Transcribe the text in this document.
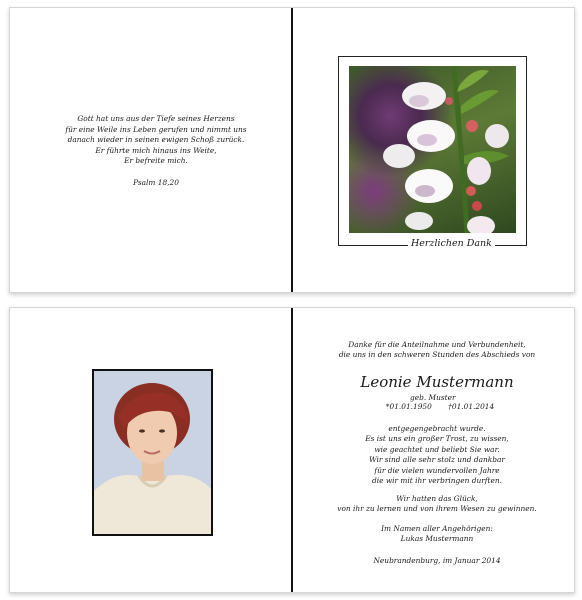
Gott hat uns aus der Tiefe seines Herzens
für eine Weile ins Leben gerufen und nimmt uns
danach wieder in seinen ewigen Schoß zurück.
Er führte mich hinaus ins Weite,
Er befreite mich.
Psalm 18,20
Herzlichen Dank
Danke für die Anteilnahme und Verbundenheit,
die uns in den schweren Stunden des Abschieds von
Leonie Mustermann
geb. Muster
*01.01.1950 †01.01.2014
entgegengebracht wurde.
Es ist uns ein großer Trost, zu wissen,
wie geachtet und beliebt Sie war.
Wir sind alle sehr stolz und dankbar
für die vielen wundervollen Jahre
die wir mit ihr verbringen durften.
Wir hatten das Glück,
von ihr zu lernen und von ihrem Wesen zu gewinnen.
Im Namen aller Angehörigen:
Lukas Mustermann
Neubrandenburg, im Januar 2014
